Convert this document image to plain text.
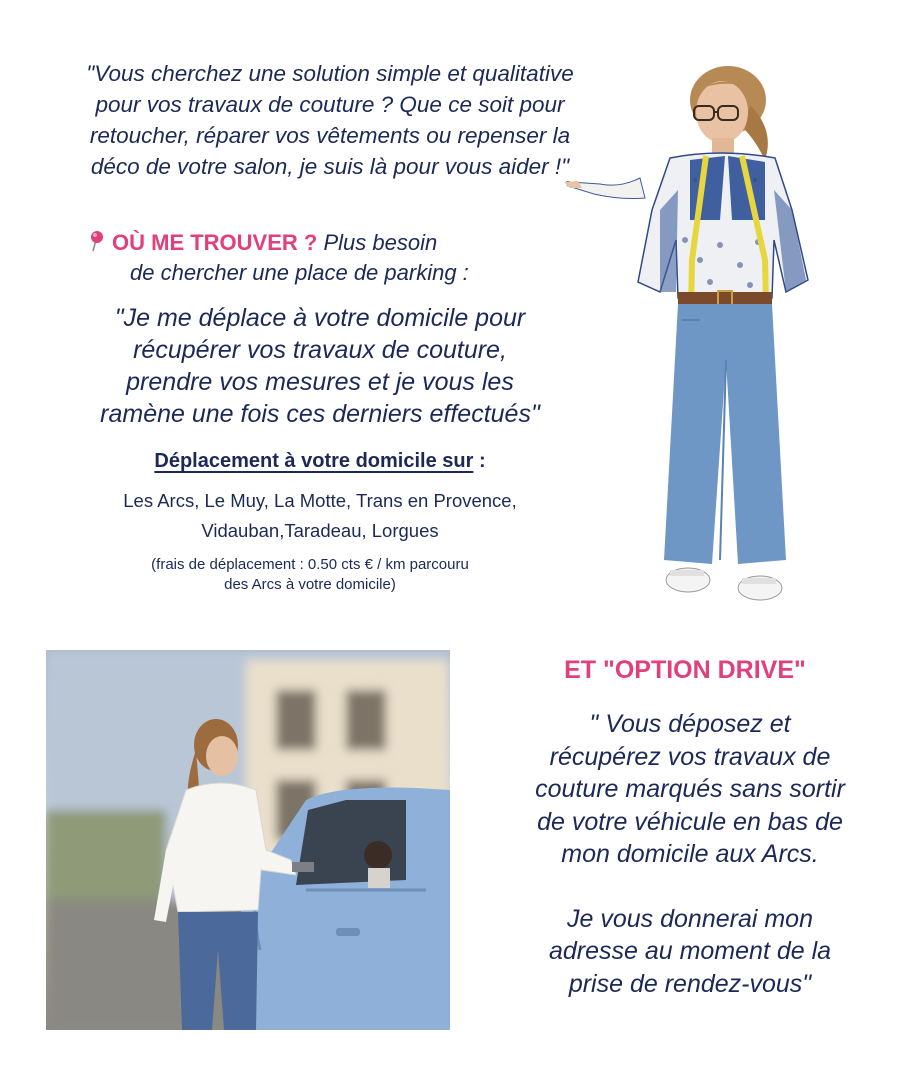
"Vous cherchez une solution simple et qualitative
pour vos travaux de couture ? Que ce soit pour
retoucher, réparer vos vêtements ou repenser la
déco de votre salon, je suis là pour vous aider !"
OÙ ME TROUVER ? Plus besoin
de chercher une place de parking :
"Je me déplace à votre domicile pour
récupérer vos travaux de couture,
prendre vos mesures et je vous les
ramène une fois ces derniers effectués"
Déplacement à votre domicile sur :
Les Arcs, Le Muy, La Motte, Trans en Provence,
Vidauban,Taradeau, Lorgues
(frais de déplacement : 0.50 cts € / km parcouru
des Arcs à votre domicile)
ET "OPTION DRIVE"
" Vous déposez et
récupérez vos travaux de
couture marqués sans sortir
de votre véhicule en bas de
mon domicile aux Arcs.
Je vous donnerai mon
adresse au moment de la
prise de rendez-vous"
